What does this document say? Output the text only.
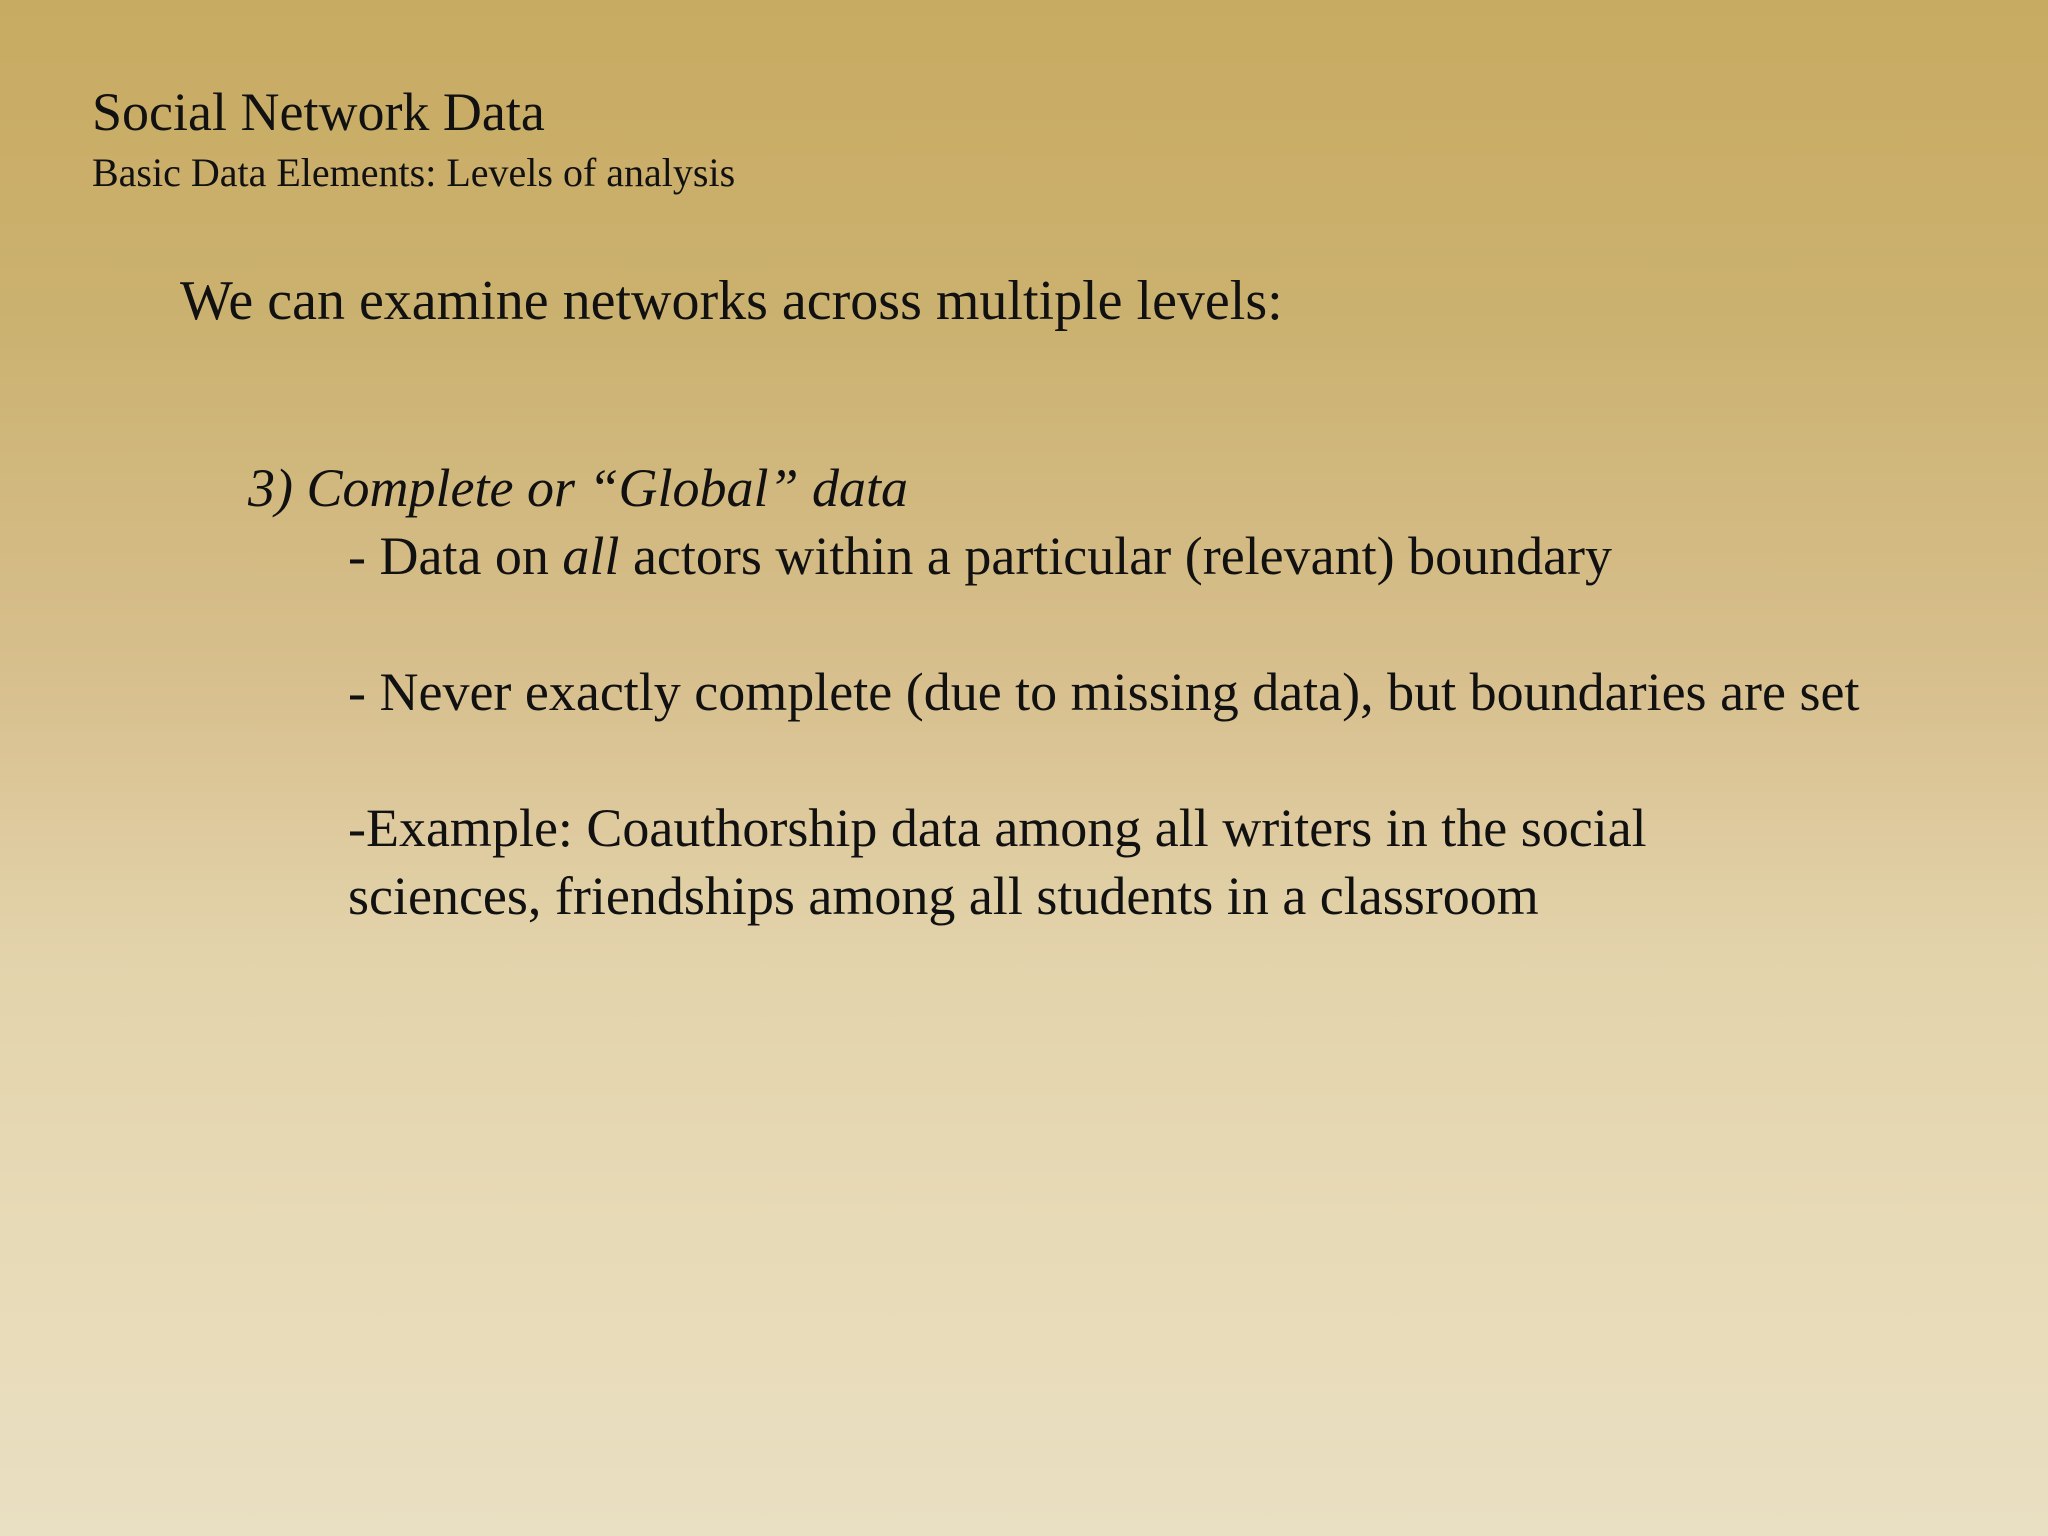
Social Network Data
Basic Data Elements: Levels of analysis
We can examine networks across multiple levels:
3) Complete or “Global” data
- Data on all actors within a particular (relevant) boundary
- Never exactly complete (due to missing data), but boundaries are set
-Example: Coauthorship data among all writers in the social
sciences, friendships among all students in a classroom
